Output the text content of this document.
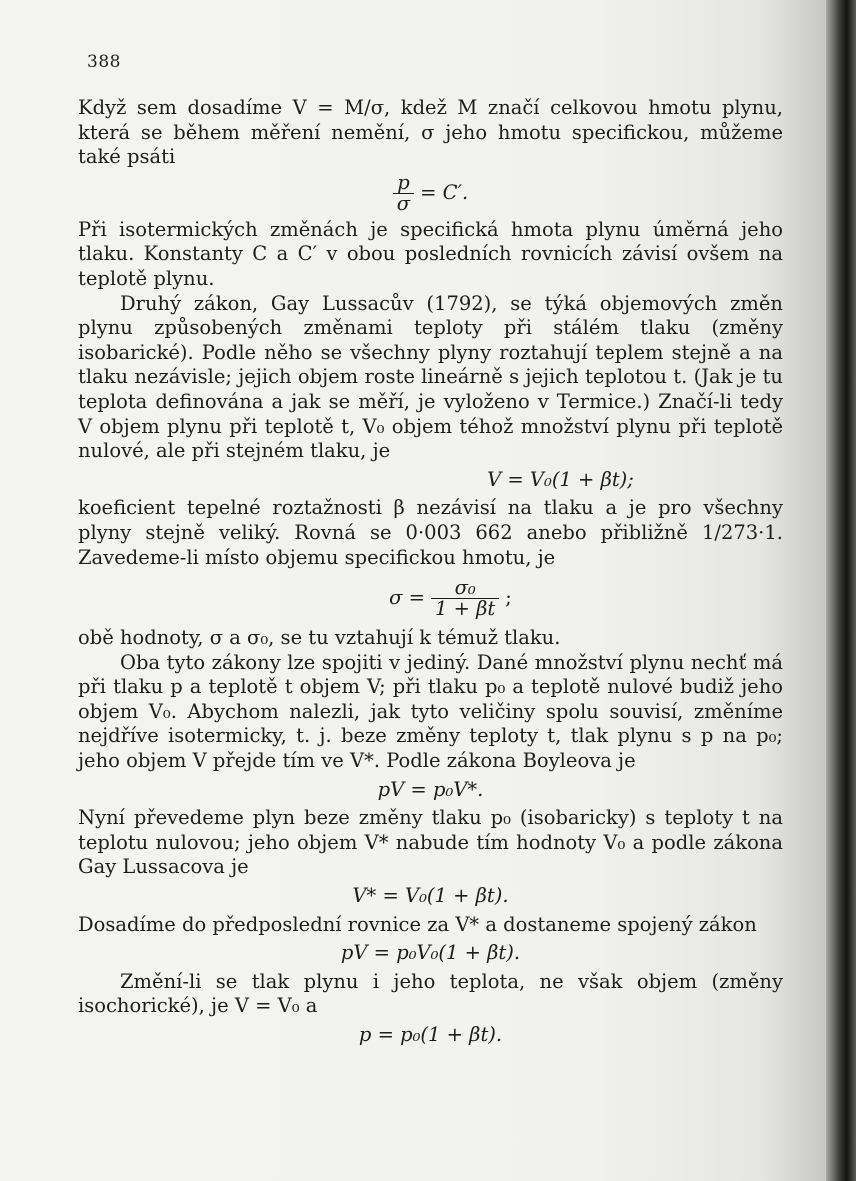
388

Když sem dosadíme V = M/σ, kdež M značí celkovou hmotu plynu, která se během měření nemění, σ jeho hmotu specifickou, můžeme také psáti

$\frac{p}{\sigma} = C'$.

Při isotermických změnách je specifická hmota plynu úměrná jeho tlaku. Konstanty C a C′ v obou posledních rovnicích závisí ovšem na teplotě plynu.

Druhý zákon, Gay Lussacův (1792), se týká objemových změn plynu způsobených změnami teploty při stálém tlaku (změny isobarické). Podle něho se všechny plyny roztahují teplem stejně a na tlaku nezávisle; jejich objem roste lineárně s jejich teplotou t. (Jak je tu teplota definována a jak se měří, je vyloženo v Termice.) Značí-li tedy V objem plynu při teplotě t, V₀ objem téhož množství plynu při teplotě nulové, ale při stejném tlaku, je

V = V₀(1 + βt);

koeficient tepelné roztažnosti β nezávisí na tlaku a je pro všechny plyny stejně veliký. Rovná se 0·003 662 anebo přibližně 1/273·1. Zavedeme-li místo objemu specifickou hmotu, je

$\sigma = \frac{\text{σ₀}}{1 + \beta t}$ ;

obě hodnoty, σ a σ₀, se tu vztahují k témuž tlaku.

Oba tyto zákony lze spojiti v jediný. Dané množství plynu nechť má při tlaku p a teplotě t objem V; při tlaku p₀ a teplotě nulové budiž jeho objem V₀. Abychom nalezli, jak tyto veličiny spolu souvisí, změníme nejdříve isotermicky, t. j. beze změny teploty t, tlak plynu s p na p₀; jeho objem V přejde tím ve V*. Podle zákona Boyleova je

pV = p₀V*.

Nyní převedeme plyn beze změny tlaku p₀ (isobaricky) s teploty t na teplotu nulovou; jeho objem V* nabude tím hodnoty V₀ a podle zákona Gay Lussacova je

V* = V₀(1 + βt).

Dosadíme do předposlední rovnice za V* a dostaneme spojený zákon

pV = p₀V₀(1 + βt).

Změní-li se tlak plynu i jeho teplota, ne však objem (změny isochorické), je V = V₀ a

p = p₀(1 + βt).
